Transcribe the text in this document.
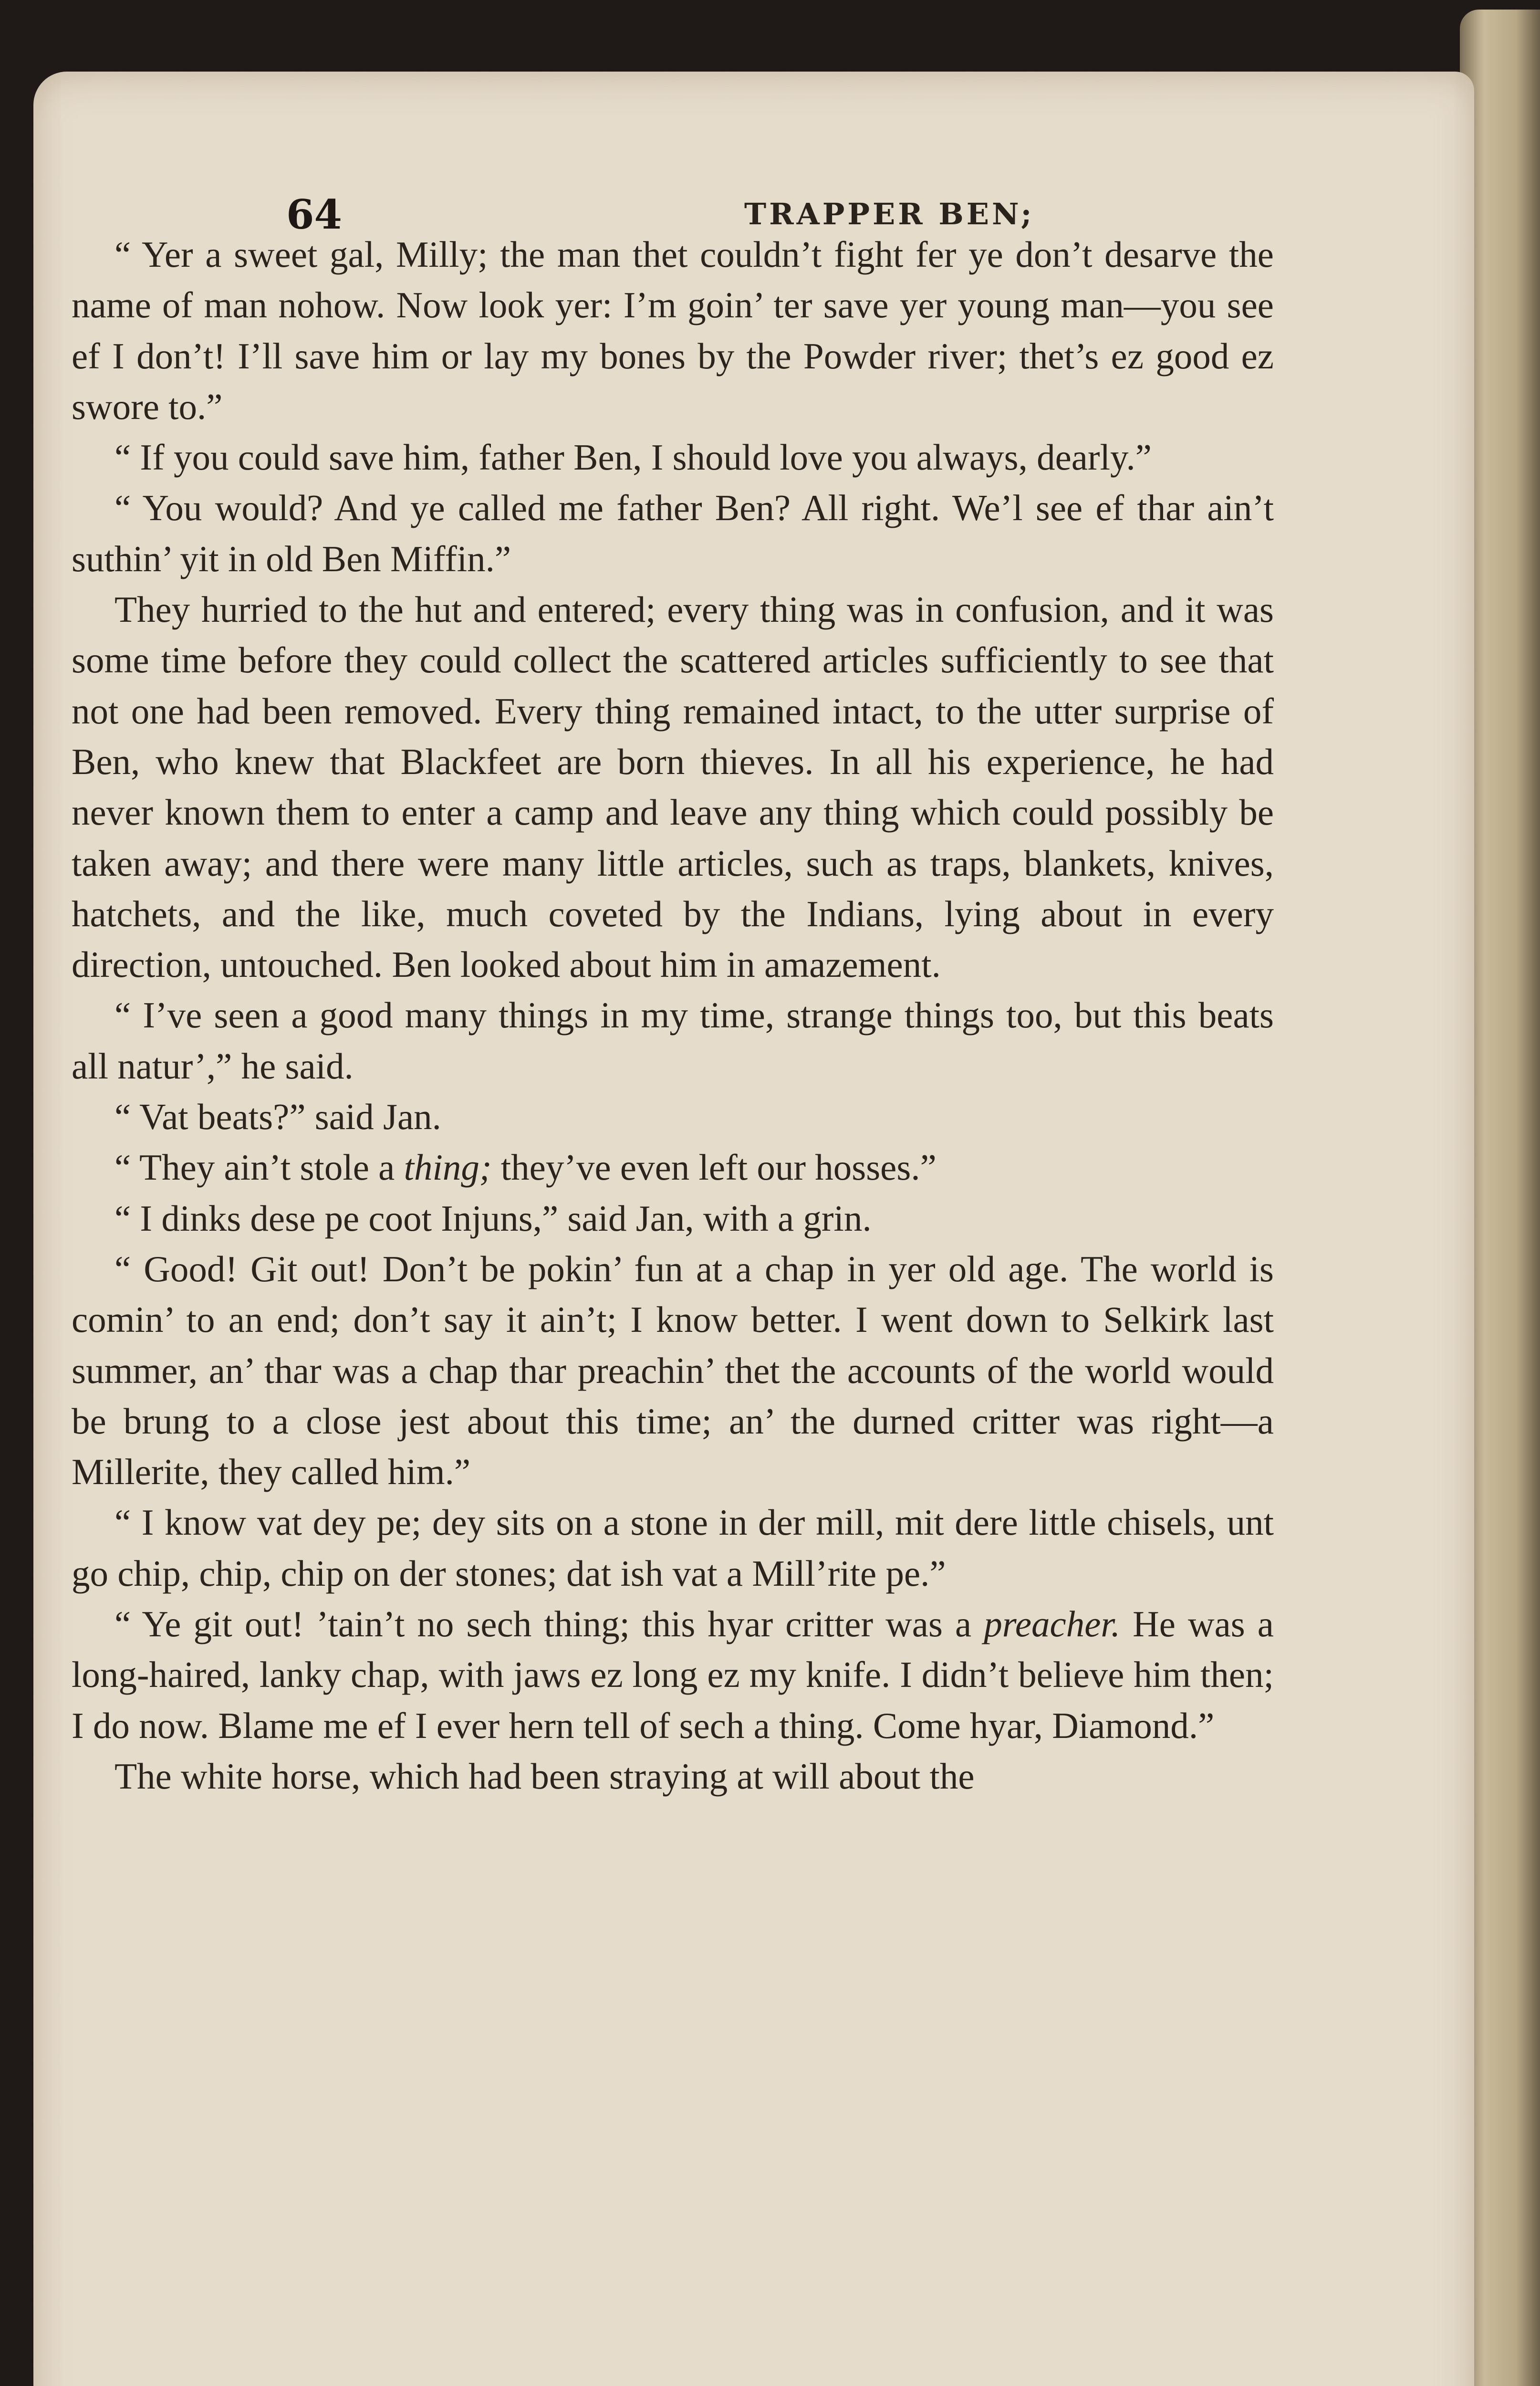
64	TRAPPER BEN;

“ Yer a sweet gal, Milly; the man thet couldn’t fight fer ye don’t desarve the name of man nohow. Now look yer: I’m goin’ ter save yer young man—you see ef I don’t! I’ll save him or lay my bones by the Powder river; thet’s ez good ez swore to.”

“ If you could save him, father Ben, I should love you always, dearly.”

“ You would? And ye called me father Ben? All right. We’l see ef thar ain’t suthin’ yit in old Ben Miffin.”

They hurried to the hut and entered; every thing was in confusion, and it was some time before they could collect the scattered articles sufficiently to see that not one had been removed. Every thing remained intact, to the utter surprise of Ben, who knew that Blackfeet are born thieves. In all his experience, he had never known them to enter a camp and leave any thing which could possibly be taken away; and there were many little articles, such as traps, blankets, knives, hatchets, and the like, much coveted by the Indians, lying about in every direction, untouched. Ben looked about him in amazement.

“ I’ve seen a good many things in my time, strange things too, but this beats all natur’,” he said.

“ Vat beats?” said Jan.

“ They ain’t stole a thing; they’ve even left our hosses.”

“ I dinks dese pe coot Injuns,” said Jan, with a grin.

“ Good! Git out! Don’t be pokin’ fun at a chap in yer old age. The world is comin’ to an end; don’t say it ain’t; I know better. I went down to Selkirk last summer, an’ thar was a chap thar preachin’ thet the accounts of the world would be brung to a close jest about this time; an’ the durned critter was right—a Millerite, they called him.”

“ I know vat dey pe; dey sits on a stone in der mill, mit dere little chisels, unt go chip, chip, chip on der stones; dat ish vat a Mill’rite pe.”

“ Ye git out! ’tain’t no sech thing; this hyar critter was a preacher. He was a long-haired, lanky chap, with jaws ez long ez my knife. I didn’t believe him then; I do now. Blame me ef I ever hern tell of sech a thing. Come hyar, Diamond.”

The white horse, which had been straying at will about the
